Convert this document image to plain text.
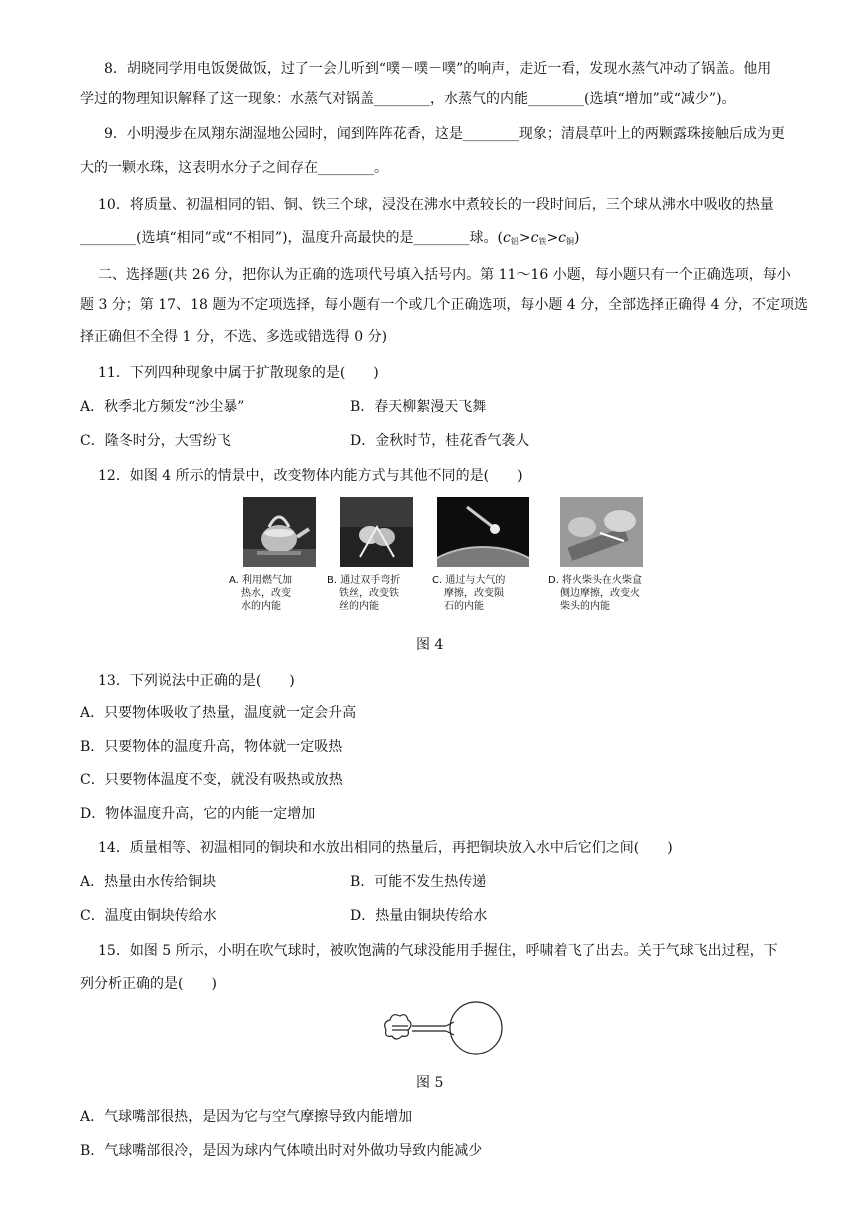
8．胡晓同学用电饭煲做饭，过了一会儿听到“噗－噗－噗”的响声，走近一看，发现水蒸气冲动了锅盖。他用
学过的物理知识解释了这一现象：水蒸气对锅盖________，水蒸气的内能________(选填“增加”或“减少”)。
9．小明漫步在凤翔东湖湿地公园时，闻到阵阵花香，这是________现象；清晨草叶上的两颗露珠接触后成为更
大的一颗水珠，这表明水分子之间存在________。
10．将质量、初温相同的铝、铜、铁三个球，浸没在沸水中煮较长的一段时间后，三个球从沸水中吸收的热量
________(选填“相同”或“不相同”)，温度升高最快的是________球。$(c_铝>c_铁>c_铜)$
二、选择题(共 26 分，把你认为正确的选项代号填入括号内。第 11～16 小题，每小题只有一个正确选项，每小
题 3 分；第 17、18 题为不定项选择，每小题有一个或几个正确选项，每小题 4 分，全部选择正确得 4 分，不定项选
择正确但不全得 1 分，不选、多选或错选得 0 分)
11．下列四种现象中属于扩散现象的是(　　)
A．秋季北方频发“沙尘暴”	B．春天柳絮漫天飞舞
C．隆冬时分，大雪纷飞	D．金秋时节，桂花香气袭人
12．如图 4 所示的情景中，改变物体内能方式与其他不同的是(　　)
A. 利用燃气加
热水，改变
水的内能
B. 通过双手弯折
铁丝，改变铁
丝的内能
C. 通过与大气的
摩擦，改变陨
石的内能
D. 将火柴头在火柴盒
侧边摩擦，改变火
柴头的内能
图 4
13．下列说法中正确的是(　　)
A．只要物体吸收了热量，温度就一定会升高
B．只要物体的温度升高，物体就一定吸热
C．只要物体温度不变，就没有吸热或放热
D．物体温度升高，它的内能一定增加
14．质量相等、初温相同的铜块和水放出相同的热量后，再把铜块放入水中后它们之间(　　)
A．热量由水传给铜块	B．可能不发生热传递
C．温度由铜块传给水	D．热量由铜块传给水
15．如图 5 所示，小明在吹气球时，被吹饱满的气球没能用手握住，呼啸着飞了出去。关于气球飞出过程，下
列分析正确的是(　　)
图 5
A．气球嘴部很热，是因为它与空气摩擦导致内能增加
B．气球嘴部很冷，是因为球内气体喷出时对外做功导致内能减少
